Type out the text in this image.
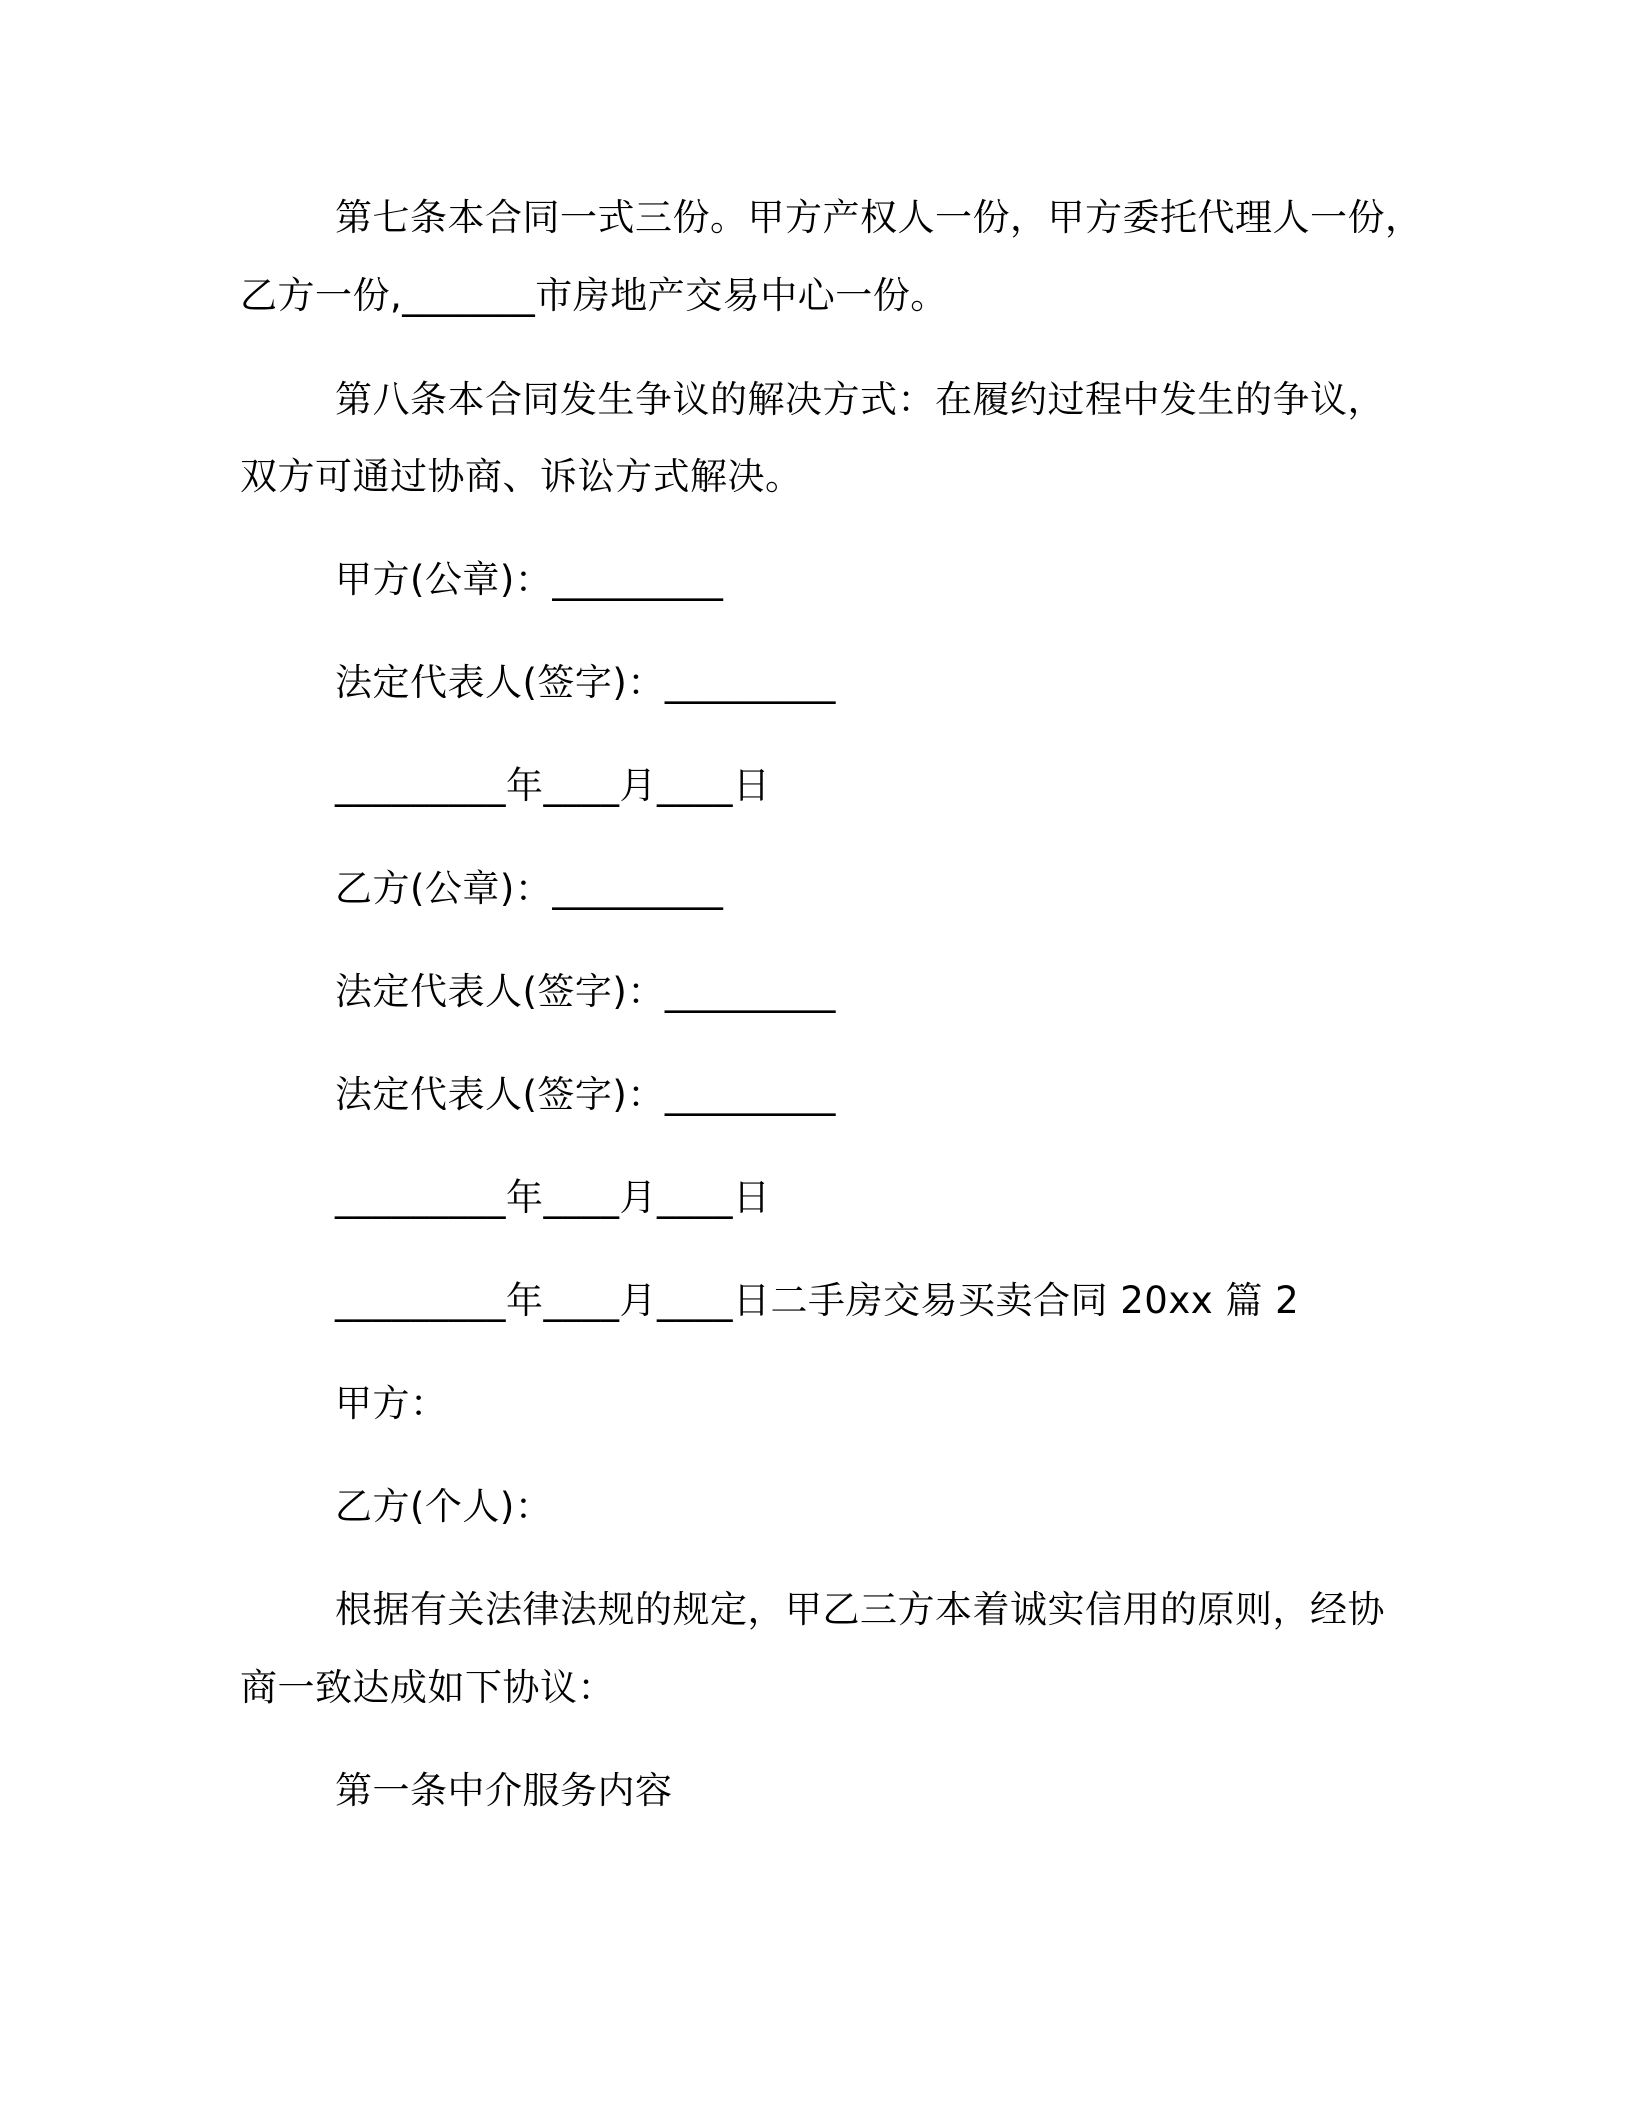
第七条本合同一式三份。甲方产权人一份，甲方委托代理人一份，
乙方一份,_______市房地产交易中心一份。
第八条本合同发生争议的解决方式：在履约过程中发生的争议，
双方可通过协商、诉讼方式解决。
甲方(公章)：_________
法定代表人(签字)：_________
_________年____月____日
乙方(公章)：_________
法定代表人(签字)：_________
法定代表人(签字)：_________
_________年____月____日
_________年____月____日二手房交易买卖合同 20xx 篇 2
甲方：
乙方(个人)：
根据有关法律法规的规定，甲乙三方本着诚实信用的原则，经协
商一致达成如下协议：
第一条中介服务内容
